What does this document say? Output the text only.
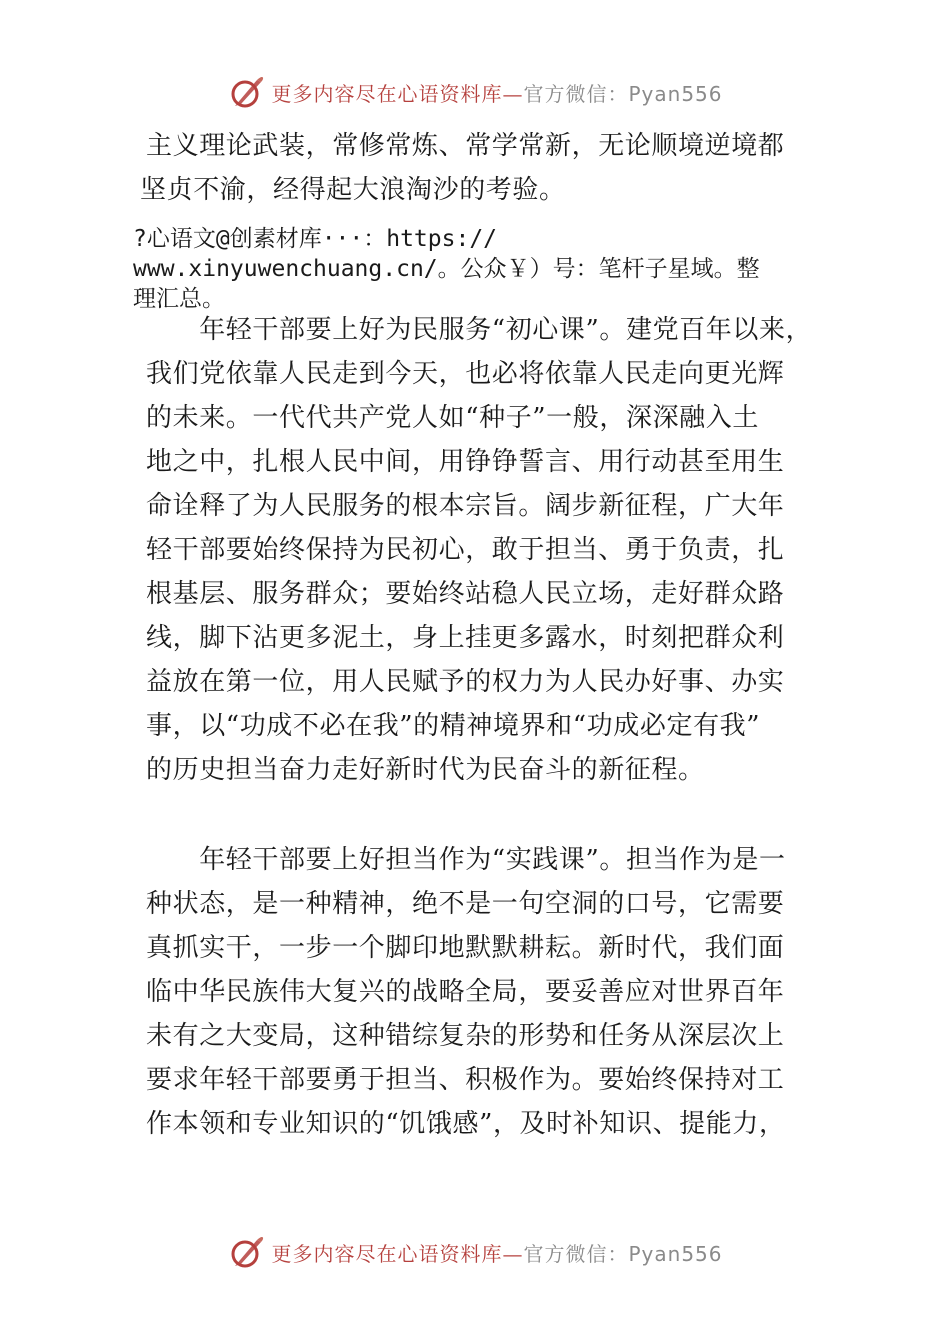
更多内容尽在心语资料库—官方微信：Pyan556

主义理论武装，常修常炼、常学常新，无论顺境逆境都

坚贞不渝，经得起大浪淘沙的考验。

?心语文@创素材库···：https://

www.xinyuwenchuang.cn/。公众￥）号：笔杆子星域。整

理汇总。

　　年轻干部要上好为民服务“初心课”。建党百年以来，

我们党依靠人民走到今天，也必将依靠人民走向更光辉

的未来。一代代共产党人如“种子”一般，深深融入土

地之中，扎根人民中间，用铮铮誓言、用行动甚至用生

命诠释了为人民服务的根本宗旨。阔步新征程，广大年

轻干部要始终保持为民初心，敢于担当、勇于负责，扎

根基层、服务群众；要始终站稳人民立场，走好群众路

线，脚下沾更多泥土，身上挂更多露水，时刻把群众利

益放在第一位，用人民赋予的权力为人民办好事、办实

事，以“功成不必在我”的精神境界和“功成必定有我”

的历史担当奋力走好新时代为民奋斗的新征程。

　　年轻干部要上好担当作为“实践课”。担当作为是一

种状态，是一种精神，绝不是一句空洞的口号，它需要

真抓实干，一步一个脚印地默默耕耘。新时代，我们面

临中华民族伟大复兴的战略全局，要妥善应对世界百年

未有之大变局，这种错综复杂的形势和任务从深层次上

要求年轻干部要勇于担当、积极作为。要始终保持对工

作本领和专业知识的“饥饿感”，及时补知识、提能力，

更多内容尽在心语资料库—官方微信：Pyan556
